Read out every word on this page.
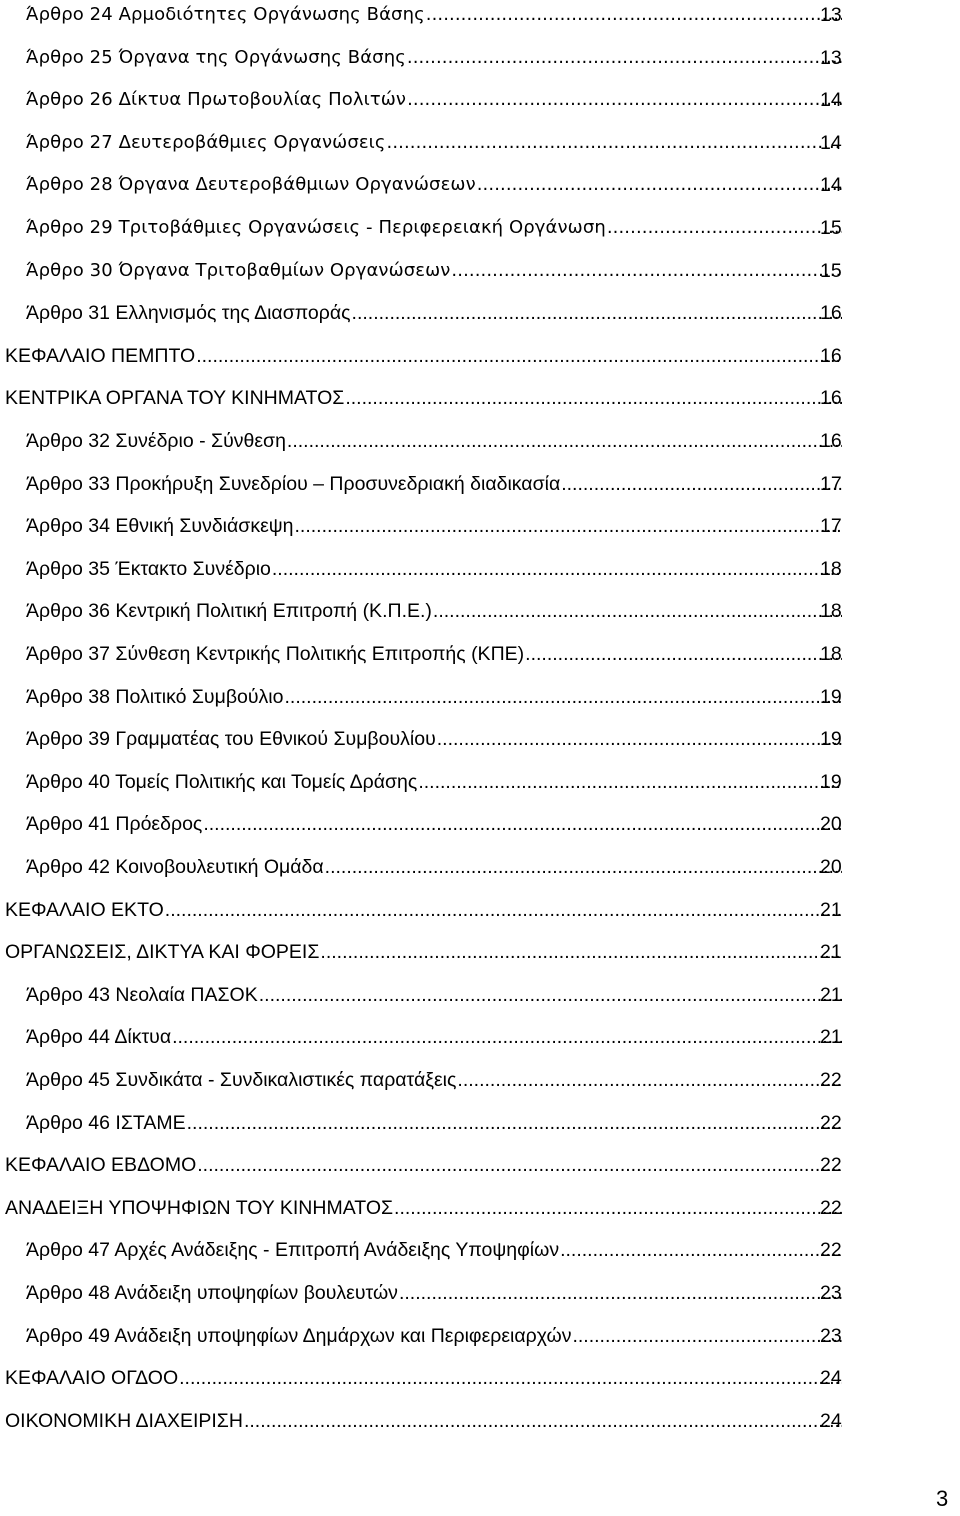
Άρθρο 24 Αρμοδιότητες Οργάνωσης Βάσης .....	13
Άρθρο 25 Όργανα της Οργάνωσης Βάσης .....	13
Άρθρο 26 Δίκτυα Πρωτοβουλίας Πολιτών .....	14
Άρθρο 27 Δευτεροβάθμιες Οργανώσεις .....	14
Άρθρο 28 Όργανα Δευτεροβάθμιων Οργανώσεων .....	14
Άρθρο 29 Τριτοβάθμιες Οργανώσεις - Περιφερειακή Οργάνωση .....	15
Άρθρο 30 Όργανα Τριτοβαθμίων Οργανώσεων .....	15
Άρθρο 31 Ελληνισμός της Διασποράς .....	16
ΚΕΦΑΛΑΙΟ ΠΕΜΠΤΟ .....	16
ΚΕΝΤΡΙΚΑ ΟΡΓΑΝΑ ΤΟΥ ΚΙΝΗΜΑΤΟΣ .....	16
Άρθρο 32 Συνέδριο - Σύνθεση .....	16
Άρθρο 33 Προκήρυξη Συνεδρίου – Προσυνεδριακή διαδικασία .....	17
Άρθρο 34 Εθνική Συνδιάσκεψη .....	17
Άρθρο 35 Έκτακτο Συνέδριο .....	18
Άρθρο 36 Κεντρική Πολιτική Επιτροπή (Κ.Π.Ε.) .....	18
Άρθρο 37 Σύνθεση Κεντρικής Πολιτικής Επιτροπής (ΚΠΕ) .....	18
Άρθρο 38 Πολιτικό Συμβούλιο .....	19
Άρθρο 39 Γραμματέας του Εθνικού Συμβουλίου .....	19
Άρθρο 40 Τομείς Πολιτικής και Τομείς Δράσης .....	19
Άρθρο 41 Πρόεδρος .....	20
Άρθρο 42 Κοινοβουλευτική Ομάδα .....	20
ΚΕΦΑΛΑΙΟ ΕΚΤΟ .....	21
ΟΡΓΑΝΩΣΕΙΣ, ΔΙΚΤΥΑ ΚΑΙ ΦΟΡΕΙΣ .....	21
Άρθρο 43 Νεολαία ΠΑΣΟΚ .....	21
Άρθρο 44 Δίκτυα .....	21
Άρθρο 45 Συνδικάτα - Συνδικαλιστικές παρατάξεις .....	22
Άρθρο 46 ΙΣΤΑΜΕ .....	22
ΚΕΦΑΛΑΙΟ ΕΒΔΟΜΟ .....	22
ΑΝΑΔΕΙΞΗ ΥΠΟΨΗΦΙΩΝ ΤΟΥ ΚΙΝΗΜΑΤΟΣ .....	22
Άρθρο 47 Αρχές Ανάδειξης - Επιτροπή Ανάδειξης Υποψηφίων .....	22
Άρθρο 48 Ανάδειξη υποψηφίων βουλευτών .....	23
Άρθρο 49 Ανάδειξη υποψηφίων Δημάρχων και Περιφερειαρχών .....	23
ΚΕΦΑΛΑΙΟ ΟΓΔΟΟ .....	24
ΟΙΚΟΝΟΜΙΚΗ ΔΙΑΧΕΙΡΙΣΗ .....	24
3
